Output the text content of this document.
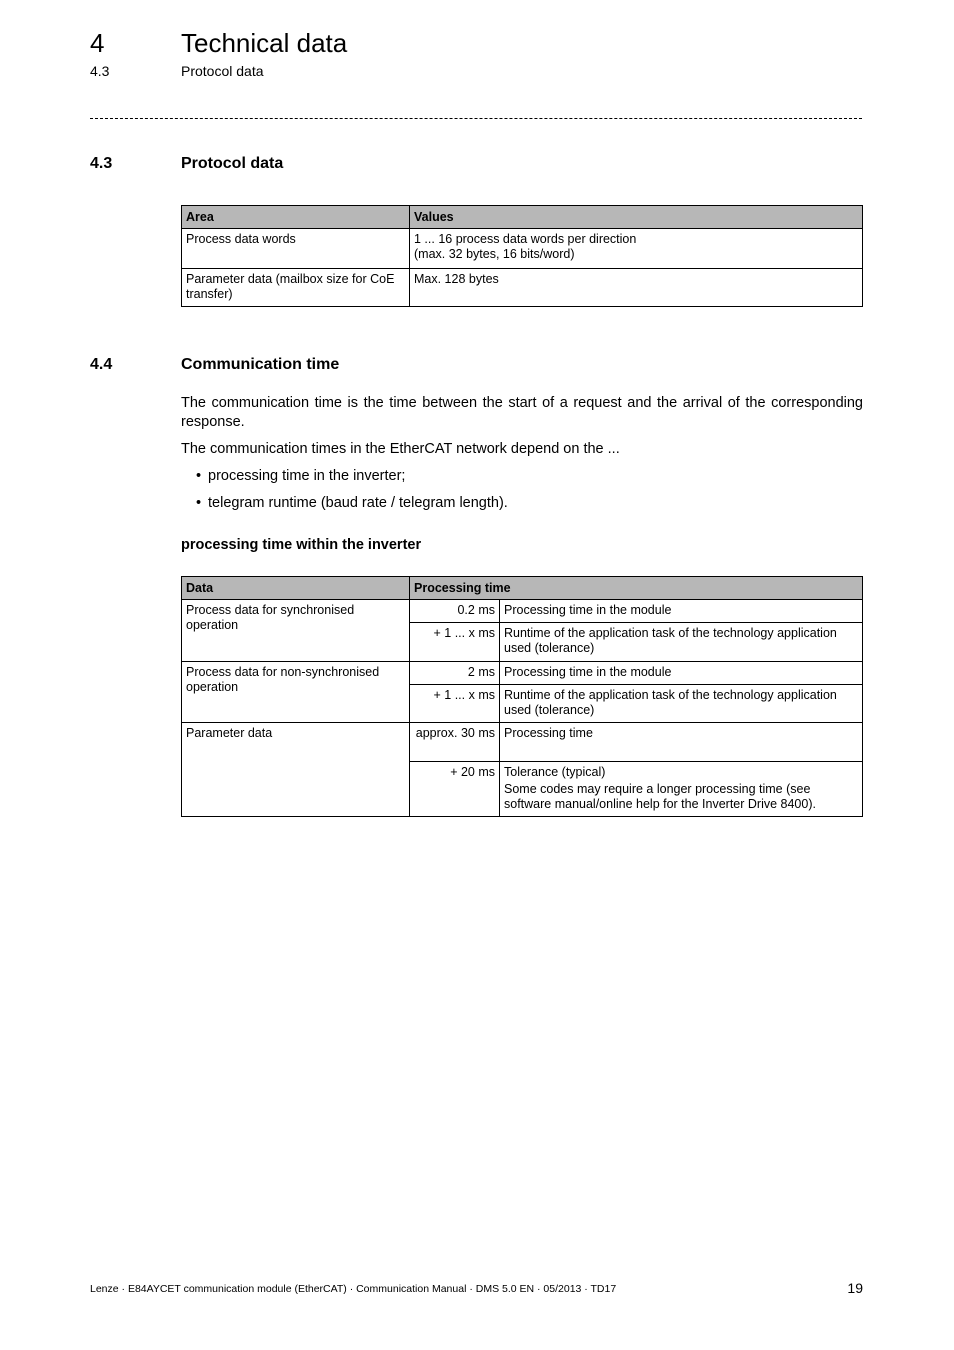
4	Technical data
4.3	Protocol data
4.3	Protocol data
Area	Values
Process data words	1 ... 16 process data words per direction
(max. 32 bytes, 16 bits/word)

Parameter data (mailbox size for CoE transfer)	Max. 128 bytes
4.4	Communication time
The communication time is the time between the start of a request and the arrival of the corresponding response.
The communication times in the EtherCAT network depend on the ...
• processing time in the inverter;
• telegram runtime (baud rate / telegram length).
processing time within the inverter
Data	Processing time	
Process data for synchronised operation	0.2 ms	Processing time in the module

	+ 1 ... x ms	Runtime of the application task of the technology application used (tolerance)

Process data for non-synchronised operation	2 ms	Processing time in the module

	+ 1 ... x ms	Runtime of the application task of the technology application used (tolerance)

Parameter data	approx. 30 ms	Processing time

	+ 20 ms	Tolerance (typical)
Some codes may require a longer processing time (see software manual/online help for the Inverter Drive 8400).
Lenze · E84AYCET communication module (EtherCAT) · Communication Manual · DMS 5.0 EN · 05/2013 · TD17	19
